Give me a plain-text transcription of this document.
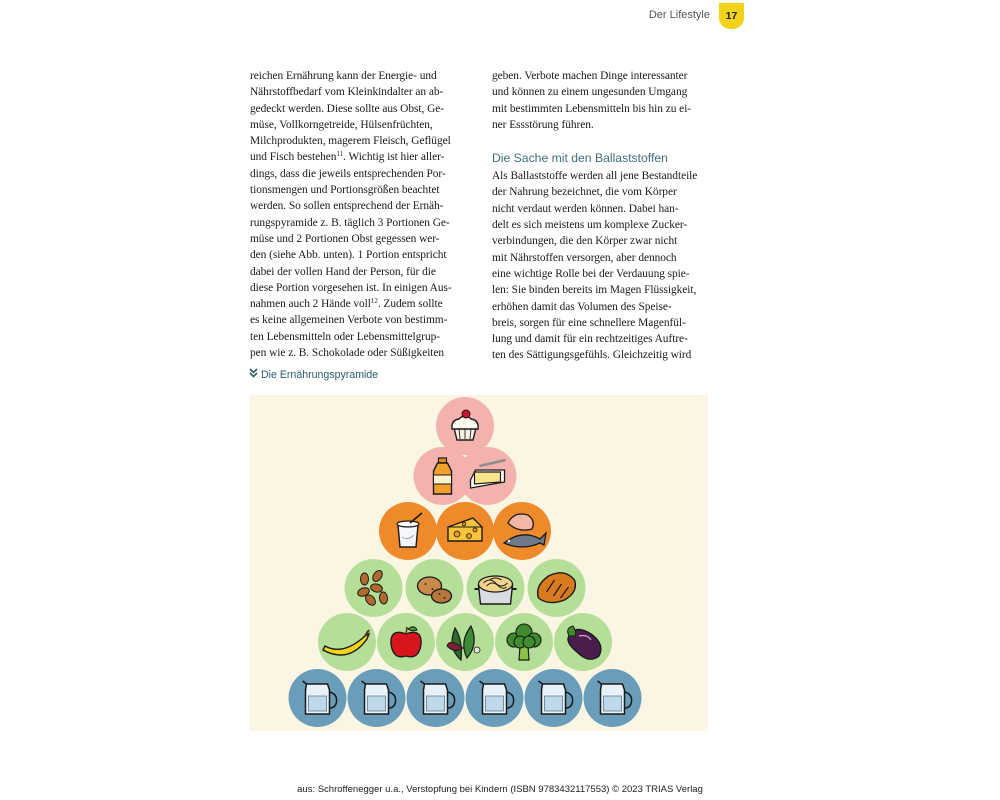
Der Lifestyle	17
reichen Ernährung kann der Energie- und
Nährstoffbedarf vom Kleinkindalter an ab-
gedeckt werden. Diese sollte aus Obst, Ge-
müse, Vollkorngetreide, Hülsenfrüchten,
Milchprodukten, magerem Fleisch, Geflügel
und Fisch bestehen$^{11}$. Wichtig ist hier aller-
dings, dass die jeweils entsprechenden Por-
tionsmengen und Portionsgrößen beachtet
werden. So sollen entsprechend der Ernäh-
rungspyramide z. B. täglich 3 Portionen Ge-
müse und 2 Portionen Obst gegessen wer-
den (siehe Abb. unten). 1 Portion entspricht
dabei der vollen Hand der Person, für die
diese Portion vorgesehen ist. In einigen Aus-
nahmen auch 2 Hände voll$^{12}$. Zudem sollte
es keine allgemeinen Verbote von bestimm-
ten Lebensmitteln oder Lebensmittelgrup-
pen wie z. B. Schokolade oder Süßigkeiten
geben. Verbote machen Dinge interessanter
und können zu einem ungesunden Umgang
mit bestimmten Lebensmitteln bis hin zu ei-
ner Essstörung führen.
Die Sache mit den Ballaststoffen
Als Ballaststoffe werden all jene Bestandteile
der Nahrung bezeichnet, die vom Körper
nicht verdaut werden können. Dabei han-
delt es sich meistens um komplexe Zucker-
verbindungen, die den Körper zwar nicht
mit Nährstoffen versorgen, aber dennoch
eine wichtige Rolle bei der Verdauung spie-
len: Sie binden bereits im Magen Flüssigkeit,
erhöhen damit das Volumen des Speise-
breis, sorgen für eine schnellere Magenfül-
lung und damit für ein rechtzeitiges Auftre-
ten des Sättigungsgefühls. Gleichzeitig wird
Die Ernährungspyramide
aus: Schroffenegger u.a., Verstopfung bei Kindern (ISBN 9783432117553) © 2023 TRIAS Verlag
